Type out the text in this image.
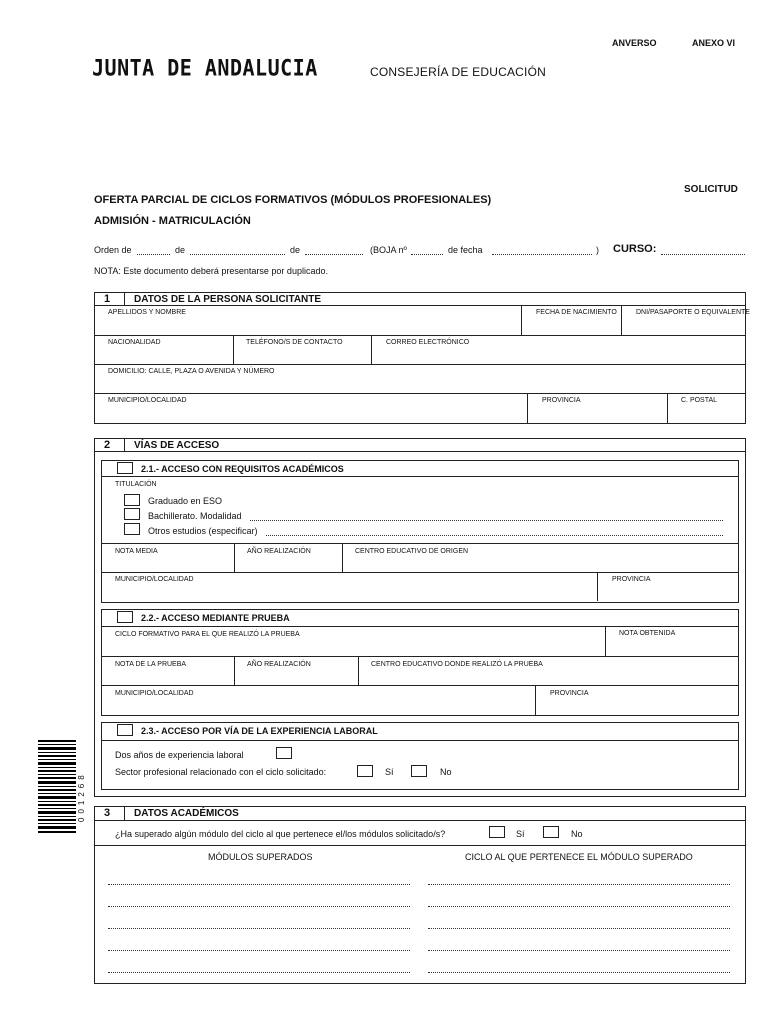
ANVERSO	ANEXO VI
JUNTA DE ANDALUCIA	CONSEJERÍA DE EDUCACIÓN
SOLICITUD
OFERTA PARCIAL DE CICLOS FORMATIVOS (MÓDULOS PROFESIONALES)
ADMISIÓN - MATRICULACIÓN
Orden de	de	de	(BOJA nº	de fecha	) CURSO:
NOTA: Este documento deberá presentarse por duplicado.
1 DATOS DE LA PERSONA SOLICITANTE
APELLIDOS Y NOMBRE	FECHA DE NACIMIENTO	DNI/PASAPORTE O EQUIVALENTE
NACIONALIDAD	TELÉFONO/S DE CONTACTO	CORREO ELECTRÓNICO
DOMICILIO: CALLE, PLAZA O AVENIDA Y NÚMERO
MUNICIPIO/LOCALIDAD	PROVINCIA	C. POSTAL
2 VÍAS DE ACCESO
2.1.- ACCESO CON REQUISITOS ACADÉMICOS
TITULACIÓN
Graduado en ESO
Bachillerato. Modalidad
Otros estudios (especificar)
NOTA MEDIA	AÑO REALIZACIÓN	CENTRO EDUCATIVO DE ORIGEN
MUNICIPIO/LOCALIDAD	PROVINCIA
2.2.- ACCESO MEDIANTE PRUEBA
CICLO FORMATIVO PARA EL QUE REALIZÓ LA PRUEBA	NOTA OBTENIDA
NOTA DE LA PRUEBA	AÑO REALIZACIÓN	CENTRO EDUCATIVO DONDE REALIZÓ LA PRUEBA
MUNICIPIO/LOCALIDAD	PROVINCIA
2.3.- ACCESO POR VÍA DE LA EXPERIENCIA LABORAL
Dos años de experiencia laboral
Sector profesional relacionado con el ciclo solicitado:	Sí	No
3 DATOS ACADÉMICOS
¿Ha superado algún módulo del ciclo al que pertenece el/los módulos solicitado/s?	Sí	No
MÓDULOS SUPERADOS	CICLO AL QUE PERTENECE EL MÓDULO SUPERADO
001268
